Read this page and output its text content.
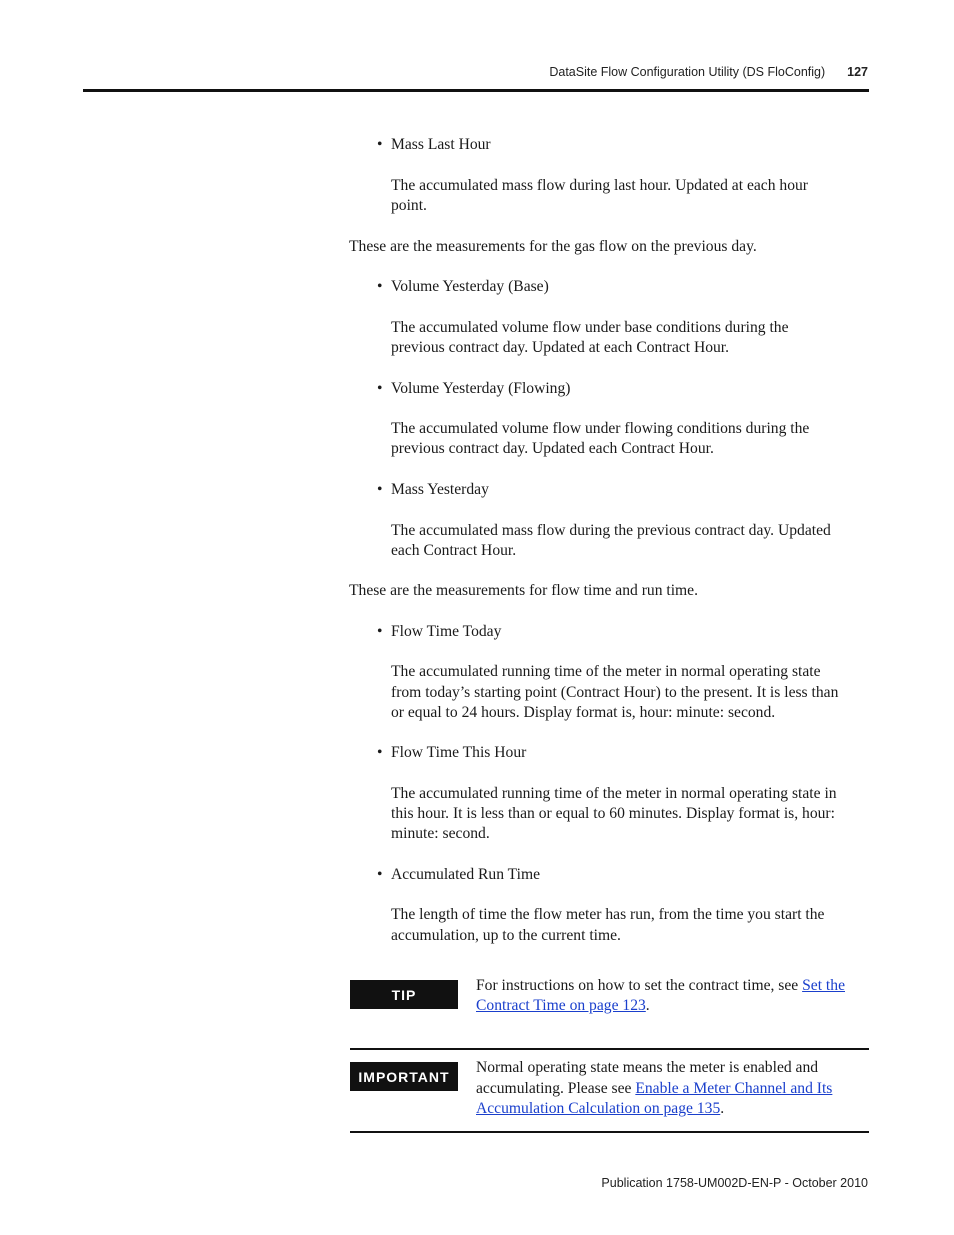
DataSite Flow Configuration Utility (DS FloConfig) 127
• Mass Last Hour
The accumulated mass flow during last hour. Updated at each hour
point.
These are the measurements for the gas flow on the previous day.
• Volume Yesterday (Base)
The accumulated volume flow under base conditions during the
previous contract day. Updated at each Contract Hour.
• Volume Yesterday (Flowing)
The accumulated volume flow under flowing conditions during the
previous contract day. Updated each Contract Hour.
• Mass Yesterday
The accumulated mass flow during the previous contract day. Updated
each Contract Hour.
These are the measurements for flow time and run time.
• Flow Time Today
The accumulated running time of the meter in normal operating state
from today’s starting point (Contract Hour) to the present. It is less than
or equal to 24 hours. Display format is, hour: minute: second.
• Flow Time This Hour
The accumulated running time of the meter in normal operating state in
this hour. It is less than or equal to 60 minutes. Display format is, hour:
minute: second.
• Accumulated Run Time
The length of time the flow meter has run, from the time you start the
accumulation, up to the current time.
TIP
For instructions on how to set the contract time, see Set the
Contract Time on page 123.
IMPORTANT
Normal operating state means the meter is enabled and
accumulating. Please see Enable a Meter Channel and Its
Accumulation Calculation on page 135.
Publication 1758-UM002D-EN-P - October 2010
